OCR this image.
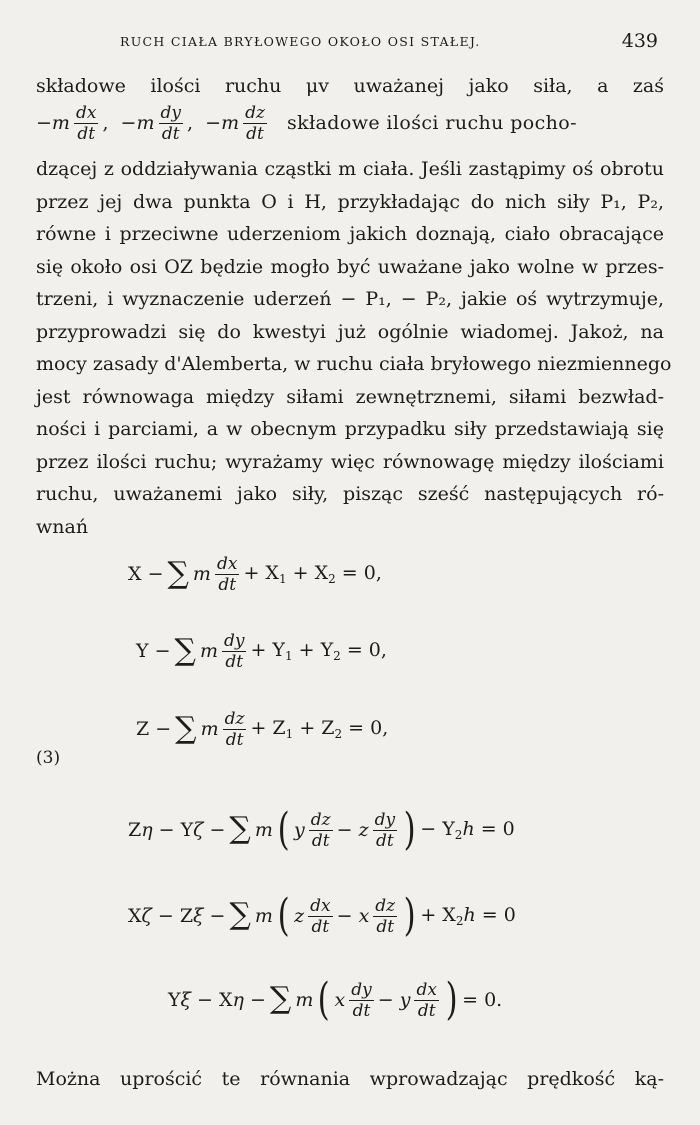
RUCH CIAŁA BRYŁOWEGO OKOŁO OSI STAŁEJ.	439
składowe ilości ruchu μv uważanej jako siła, a zaś
$-m \frac{dx}{dt}$ ,  $-m \frac{dy}{dt}$ ,  $-m \frac{dz}{dt}$ składowe ilości ruchu pocho-
dzącej z oddziaływania cząstki m ciała. Jeśli zastąpimy oś obrotu
przez jej dwa punkta O i H, przykładając do nich siły P₁, P₂,
równe i przeciwne uderzeniom jakich doznają, ciało obracające
się około osi OZ będzie mogło być uważane jako wolne w przes-
trzeni, i wyznaczenie uderzeń − P₁, − P₂, jakie oś wytrzymuje,
przyprowadzi się do kwestyi już ogólnie wiadomej. Jakoż, na
mocy zasady d'Alemberta, w ruchu ciała bryłowego niezmiennego
jest równowaga między siłami zewnętrznemi, siłami bezwład-
ności i parciami, a w obecnym przypadku siły przedstawiają się
przez ilości ruchu; wyrażamy więc równowagę między ilościami
ruchu, uważanemi jako siły, pisząc sześć następujących ró-
wnań
X − ∑ m $\frac{dx}{dt} + X_1 + X_2 = 0$,
Y − ∑ m $\frac{dy}{dt} + Y_1 + Y_2 = 0$,
Z − ∑ m $\frac{dz}{dt} + Z_1 + Z_2 = 0$,
(3)
Zη − Yζ − ∑ m ( y $\frac{dz}{dt} - z \frac{dy}{dt}$ ) − $Y_2h = 0$
Xζ − Zξ − ∑ m ( z $\frac{dx}{dt} - x \frac{dz}{dt}$ ) + $X_2h = 0$
Yξ − Xη − ∑ m ( x $\frac{dy}{dt} - y \frac{dx}{dt}$ ) = 0.
Można uprościć te równania wprowadzając prędkość ką-
